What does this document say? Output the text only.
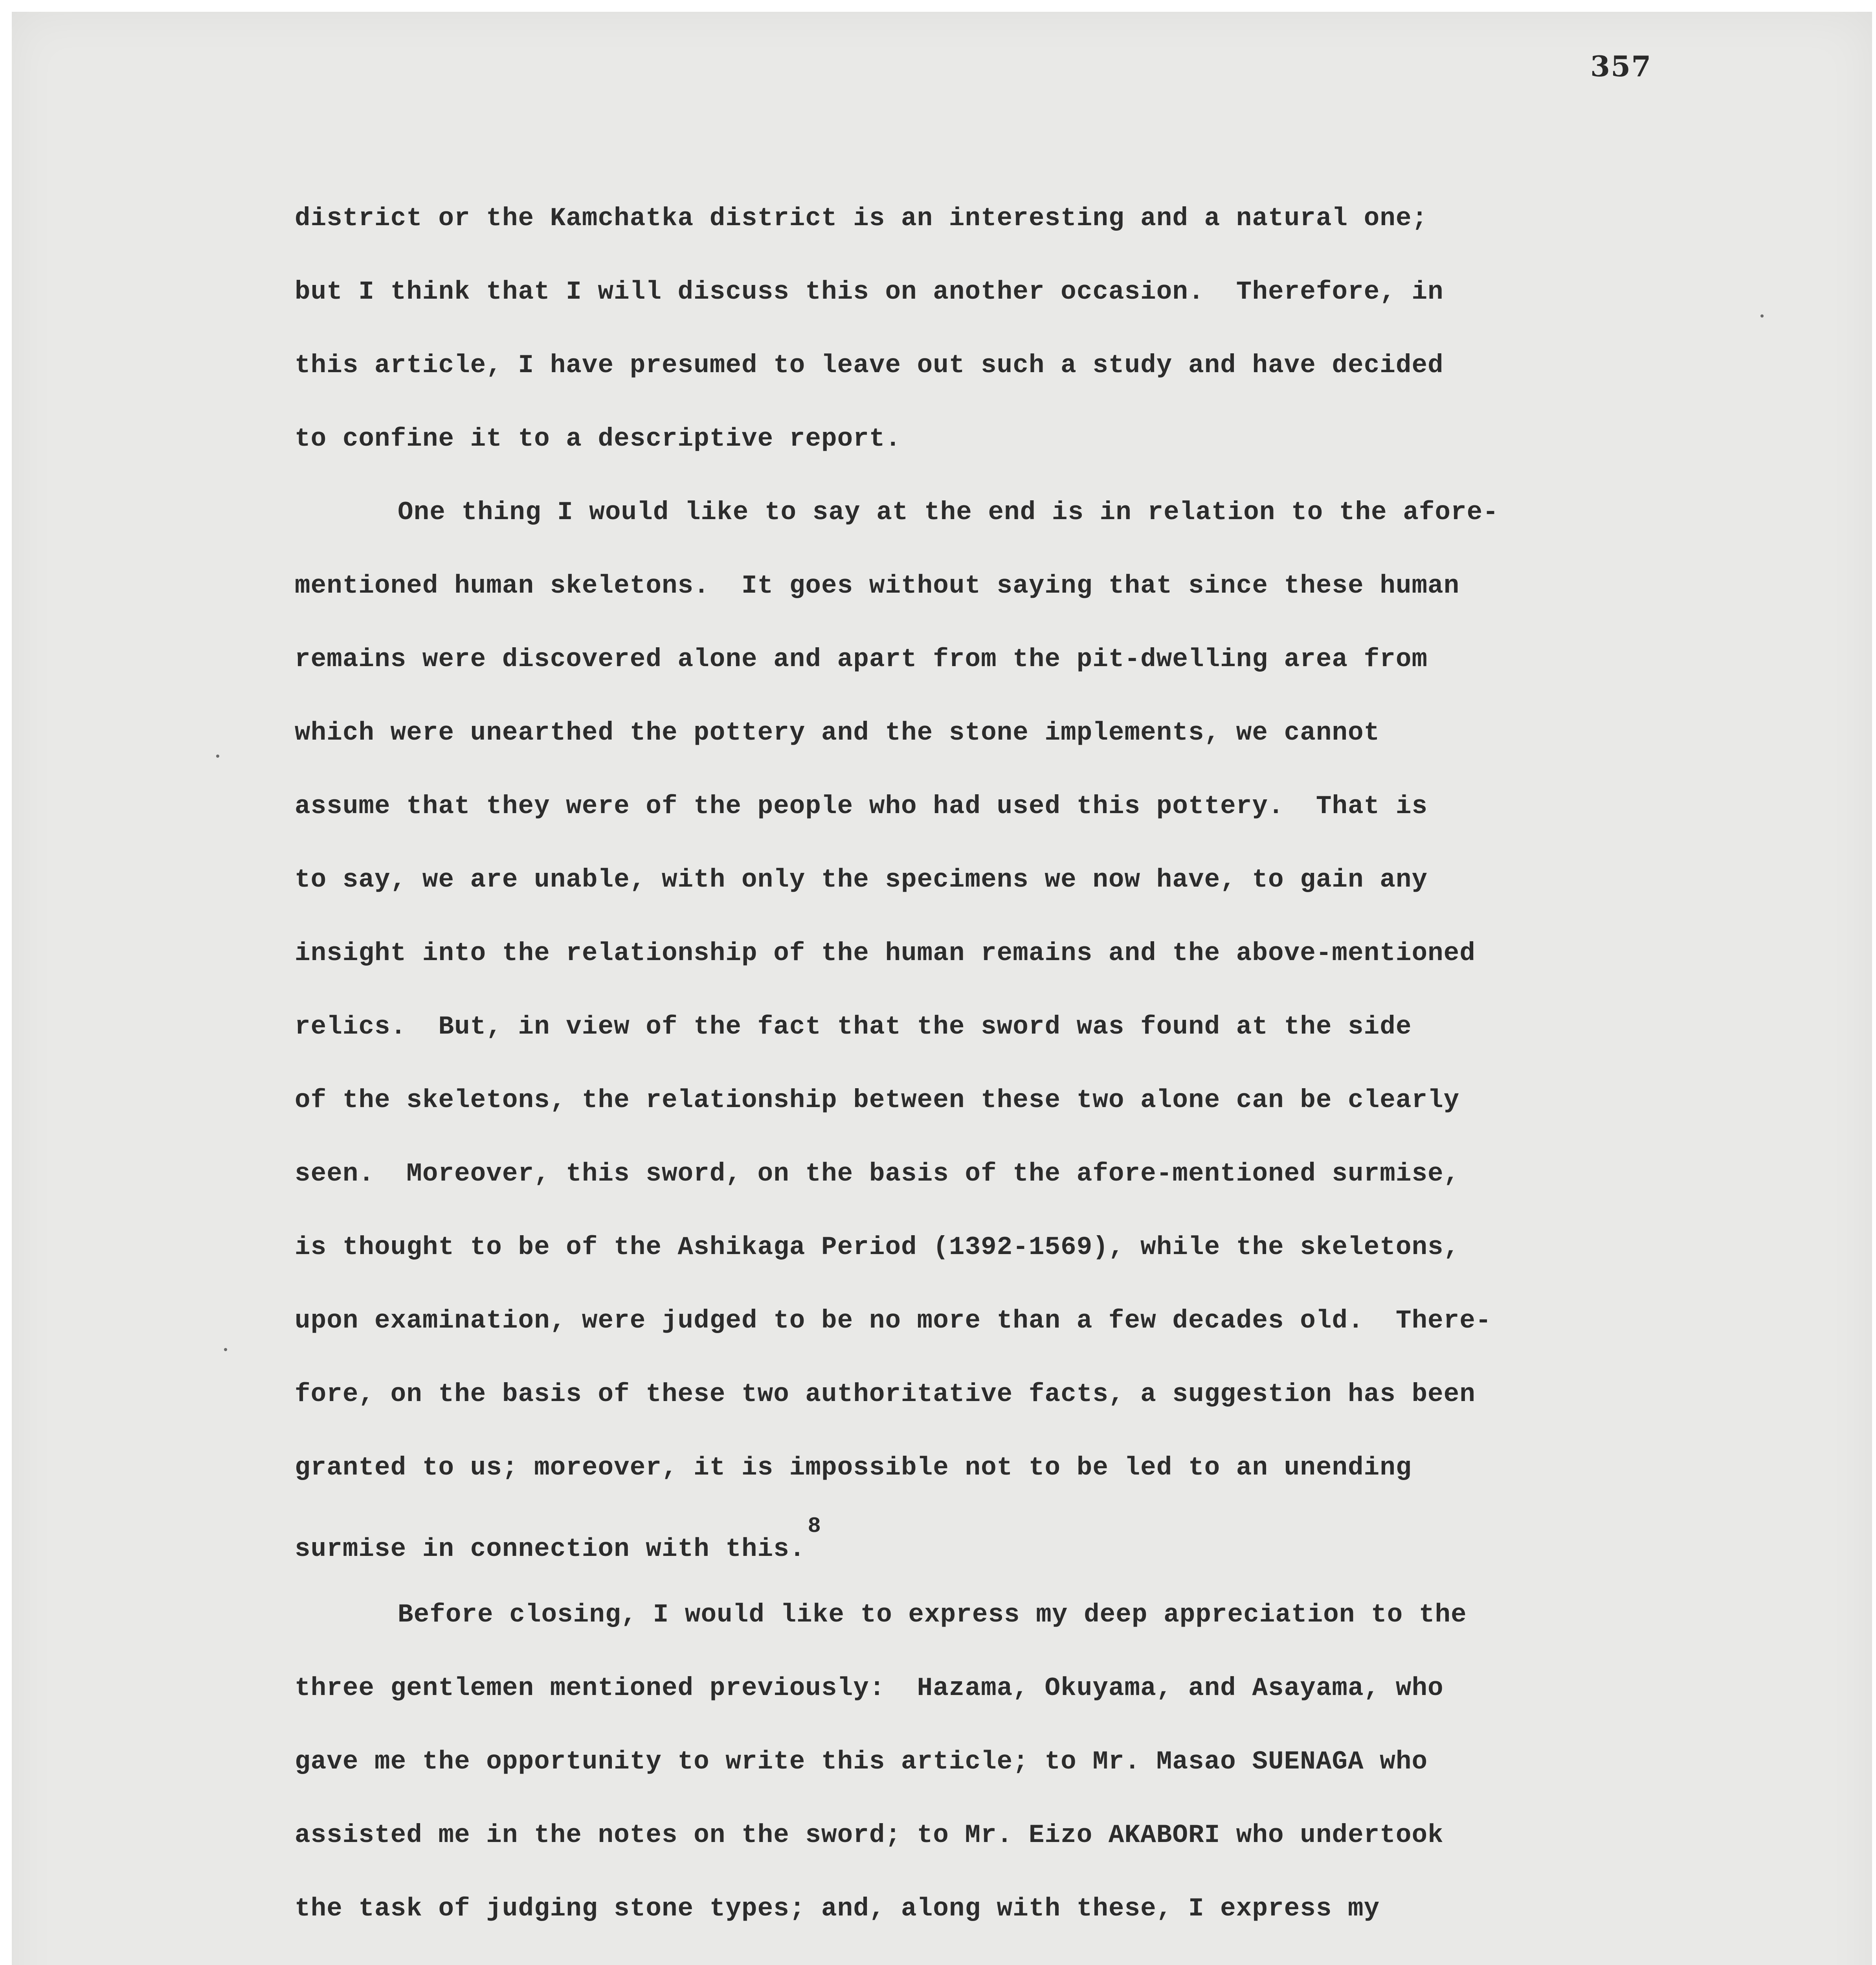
357
district or the Kamchatka district is an interesting and a natural one;
but I think that I will discuss this on another occasion.  Therefore, in
this article, I have presumed to leave out such a study and have decided
to confine it to a descriptive report.
One thing I would like to say at the end is in relation to the afore-
mentioned human skeletons.  It goes without saying that since these human
remains were discovered alone and apart from the pit-dwelling area from
which were unearthed the pottery and the stone implements, we cannot
assume that they were of the people who had used this pottery.  That is
to say, we are unable, with only the specimens we now have, to gain any
insight into the relationship of the human remains and the above-mentioned
relics.  But, in view of the fact that the sword was found at the side
of the skeletons, the relationship between these two alone can be clearly
seen.  Moreover, this sword, on the basis of the afore-mentioned surmise,
is thought to be of the Ashikaga Period (1392-1569), while the skeletons,
upon examination, were judged to be no more than a few decades old.  There-
fore, on the basis of these two authoritative facts, a suggestion has been
granted to us; moreover, it is impossible not to be led to an unending
surmise in connection with this.$^8$
Before closing, I would like to express my deep appreciation to the
three gentlemen mentioned previously:  Hazama, Okuyama, and Asayama, who
gave me the opportunity to write this article; to Mr. Masao SUENAGA who
assisted me in the notes on the sword; to Mr. Eizo AKABORI who undertook
the task of judging stone types; and, along with these, I express my
